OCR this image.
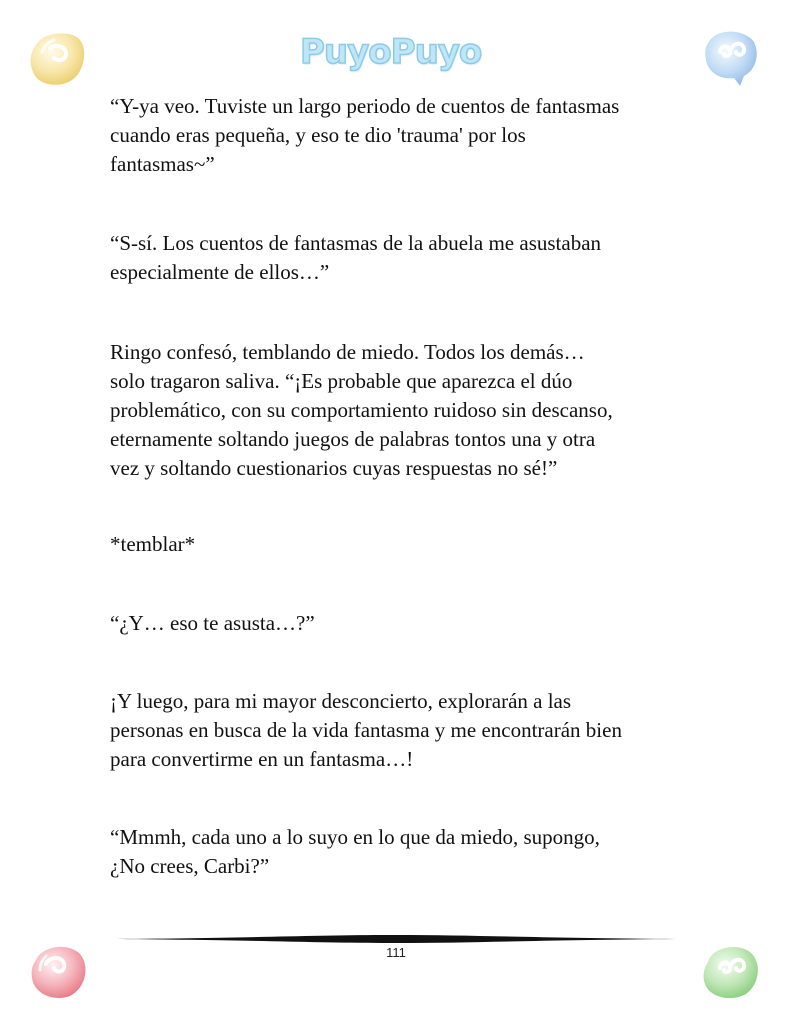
PuyoPuyo

“Y-ya veo. Tuviste un largo periodo de cuentos de fantasmas
cuando eras pequeña, y eso te dio 'trauma' por los
fantasmas~”

“S-sí. Los cuentos de fantasmas de la abuela me asustaban
especialmente de ellos…”

Ringo confesó, temblando de miedo. Todos los demás…
solo tragaron saliva. “¡Es probable que aparezca el dúo
problemático, con su comportamiento ruidoso sin descanso,
eternamente soltando juegos de palabras tontos una y otra
vez y soltando cuestionarios cuyas respuestas no sé!”

*temblar*

“¿Y… eso te asusta…?”

¡Y luego, para mi mayor desconcierto, explorarán a las
personas en busca de la vida fantasma y me encontrarán bien
para convertirme en un fantasma…!

“Mmmh, cada uno a lo suyo en lo que da miedo, supongo,
¿No crees, Carbi?”

111
